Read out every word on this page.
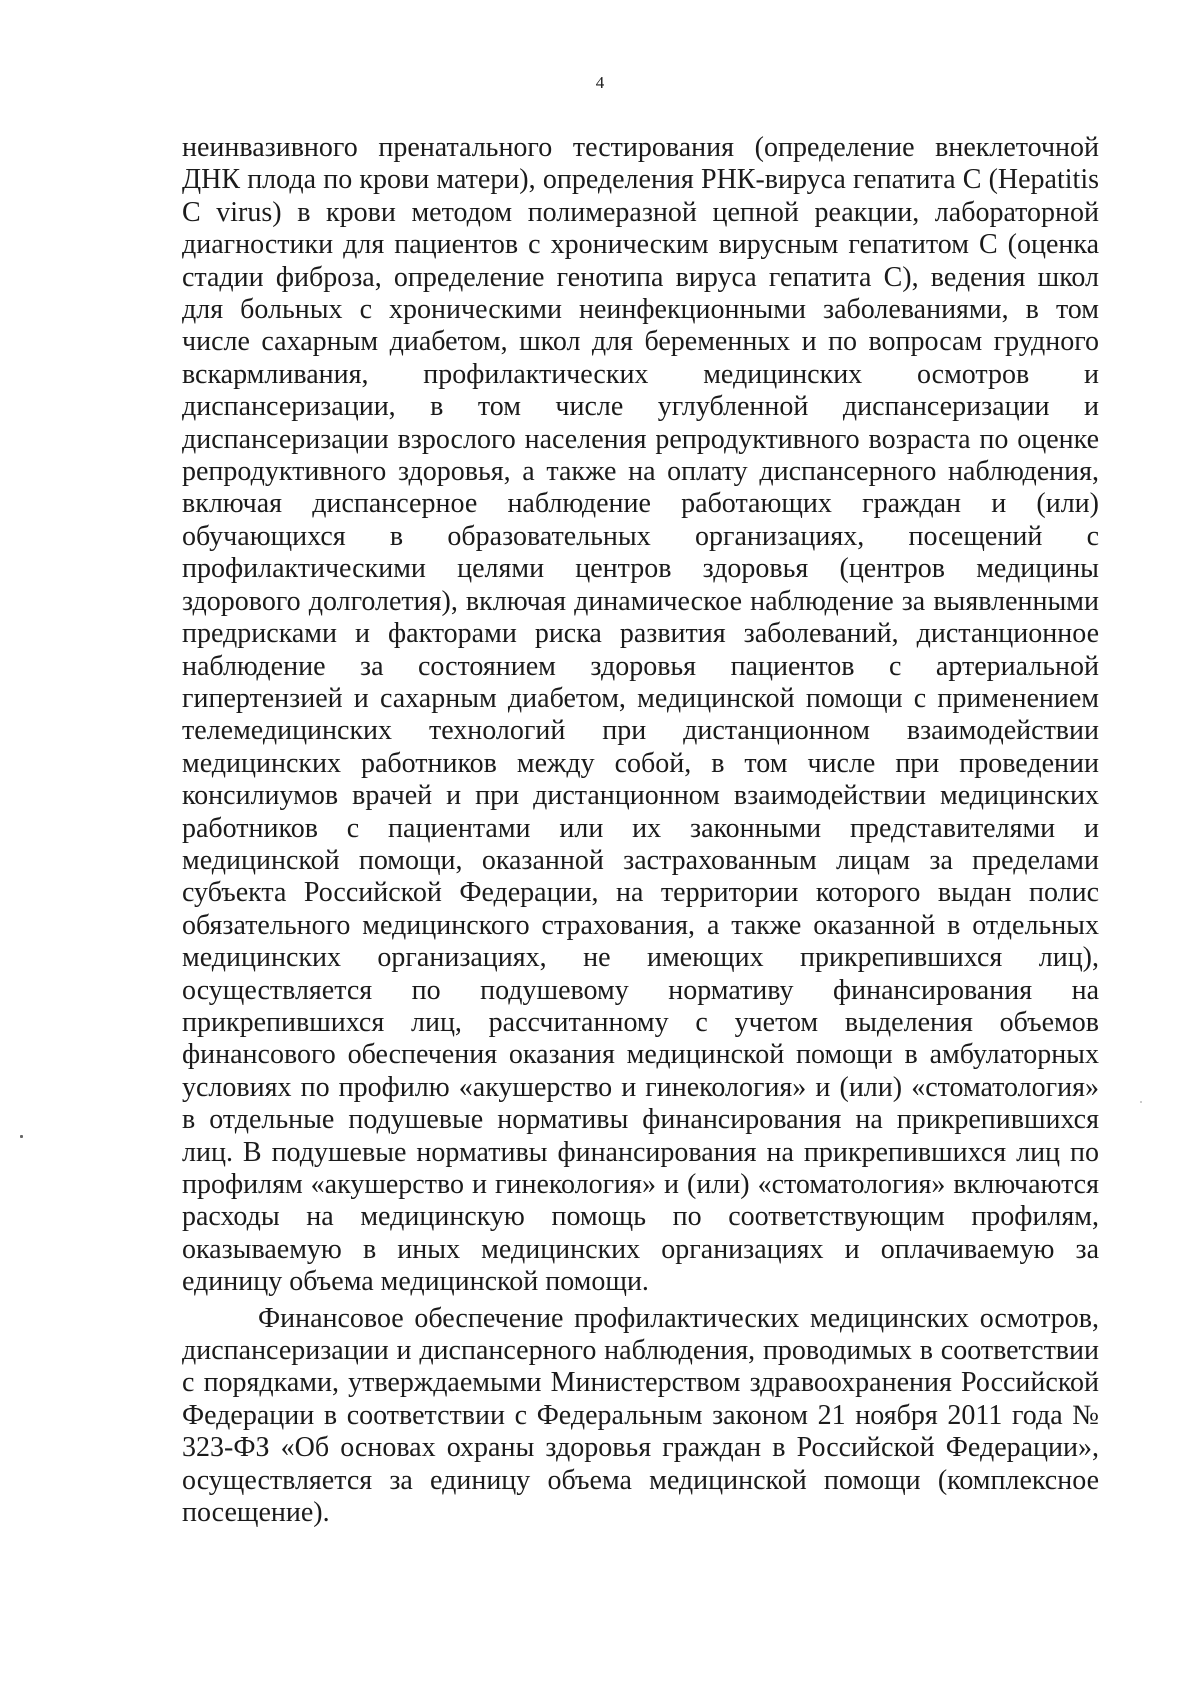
4

неинвазивного пренатального тестирования (определение внеклеточной ДНК плода по крови матери), определения РНК-вируса гепатита С (Hepatitis C virus) в крови методом полимеразной цепной реакции, лабораторной диагностики для пациентов с хроническим вирусным гепатитом С (оценка стадии фиброза, определение генотипа вируса гепатита С), ведения школ для больных с хроническими неинфекционными заболеваниями, в том числе сахарным диабетом, школ для беременных и по вопросам грудного вскармливания, профилактических медицинских осмотров и диспансеризации, в том числе углубленной диспансеризации и диспансеризации взрослого населения репродуктивного возраста по оценке репродуктивного здоровья, а также на оплату диспансерного наблюдения, включая диспансерное наблюдение работающих граждан и (или) обучающихся в образовательных организациях, посещений с профилактическими целями центров здоровья (центров медицины здорового долголетия), включая динамическое наблюдение за выявленными предрисками и факторами риска развития заболеваний, дистанционное наблюдение за состоянием здоровья пациентов с артериальной гипертензией и сахарным диабетом, медицинской помощи с применением телемедицинских технологий при дистанционном взаимодействии медицинских работников между собой, в том числе при проведении консилиумов врачей и при дистанционном взаимодействии медицинских работников с пациентами или их законными представителями и медицинской помощи, оказанной застрахованным лицам за пределами субъекта Российской Федерации, на территории которого выдан полис обязательного медицинского страхования, а также оказанной в отдельных медицинских организациях, не имеющих прикрепившихся лиц), осуществляется по подушевому нормативу финансирования на прикрепившихся лиц, рассчитанному с учетом выделения объемов финансового обеспечения оказания медицинской помощи в амбулаторных условиях по профилю «акушерство и гинекология» и (или) «стоматология» в отдельные подушевые нормативы финансирования на прикрепившихся лиц. В подушевые нормативы финансирования на прикрепившихся лиц по профилям «акушерство и гинекология» и (или) «стоматология» включаются расходы на медицинскую помощь по соответствующим профилям, оказываемую в иных медицинских организациях и оплачиваемую за единицу объема медицинской помощи.

Финансовое обеспечение профилактических медицинских осмотров, диспансеризации и диспансерного наблюдения, проводимых в соответствии с порядками, утверждаемыми Министерством здравоохранения Российской Федерации в соответствии с Федеральным законом 21 ноября 2011 года № 323-ФЗ «Об основах охраны здоровья граждан в Российской Федерации», осуществляется за единицу объема медицинской помощи (комплексное посещение).
